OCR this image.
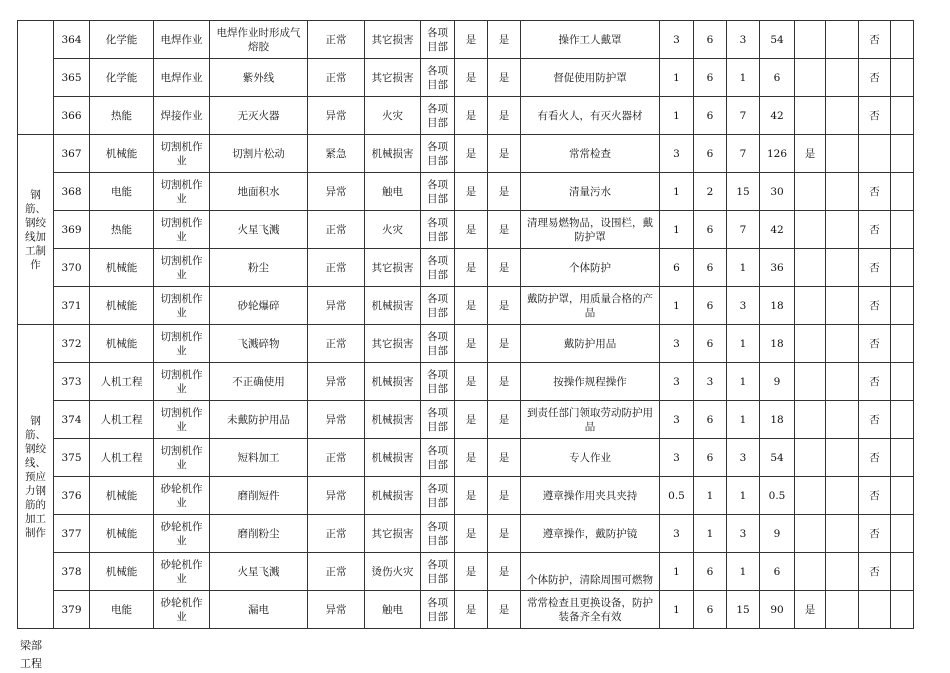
	364	化学能	电焊作业	电焊作业时形成气熔胶	正常	其它损害	各项目部	是	是	操作工人戴罩	3	6	3	54			否	
	365	化学能	电焊作业	紫外线	正常	其它损害	各项目部	是	是	督促使用防护罩	1	6	1	6			否	
	366	热能	焊接作业	无灭火器	异常	火灾	各项目部	是	是	有看火人，有灭火器材	1	6	7	42			否	
钢筋、钢绞线加工制作	367	机械能	切割机作业	切割片松动	紧急	机械损害	各项目部	是	是	常常检查	3	6	7	126	是			
	368	电能	切割机作业	地面积水	异常	触电	各项目部	是	是	清量污水	1	2	15	30			否	
	369	热能	切割机作业	火星飞溅	正常	火灾	各项目部	是	是	清理易燃物品，设围栏，戴防护罩	1	6	7	42			否	
	370	机械能	切割机作业	粉尘	正常	其它损害	各项目部	是	是	个体防护	6	6	1	36			否	
	371	机械能	切割机作业	砂轮爆碎	异常	机械损害	各项目部	是	是	戴防护罩，用质量合格的产品	1	6	3	18			否	
钢筋、钢绞线、预应力钢筋的加工制作	372	机械能	切割机作业	飞溅碎物	正常	其它损害	各项目部	是	是	戴防护用品	3	6	1	18			否	
	373	人机工程	切割机作业	不正确使用	异常	机械损害	各项目部	是	是	按操作规程操作	3	3	1	9			否	
	374	人机工程	切割机作业	未戴防护用品	异常	机械损害	各项目部	是	是	到责任部门领取劳动防护用品	3	6	1	18			否	
	375	人机工程	切割机作业	短料加工	正常	机械损害	各项目部	是	是	专人作业	3	6	3	54			否	
	376	机械能	砂轮机作业	磨削短件	异常	机械损害	各项目部	是	是	遵章操作用夹具夹持	0.5	1	1	0.5			否	
	377	机械能	砂轮机作业	磨削粉尘	正常	其它损害	各项目部	是	是	遵章操作，戴防护镜	3	1	3	9			否	
	378	机械能	砂轮机作业	火星飞溅	正常	烫伤火灾	各项目部	是	是	个体防护，清除周围可燃物	1	6	1	6			否	
	379	电能	砂轮机作业	漏电	异常	触电	各项目部	是	是	常常检查且更换设备，防护装备齐全有效	1	6	15	90	是			
梁部
工程
